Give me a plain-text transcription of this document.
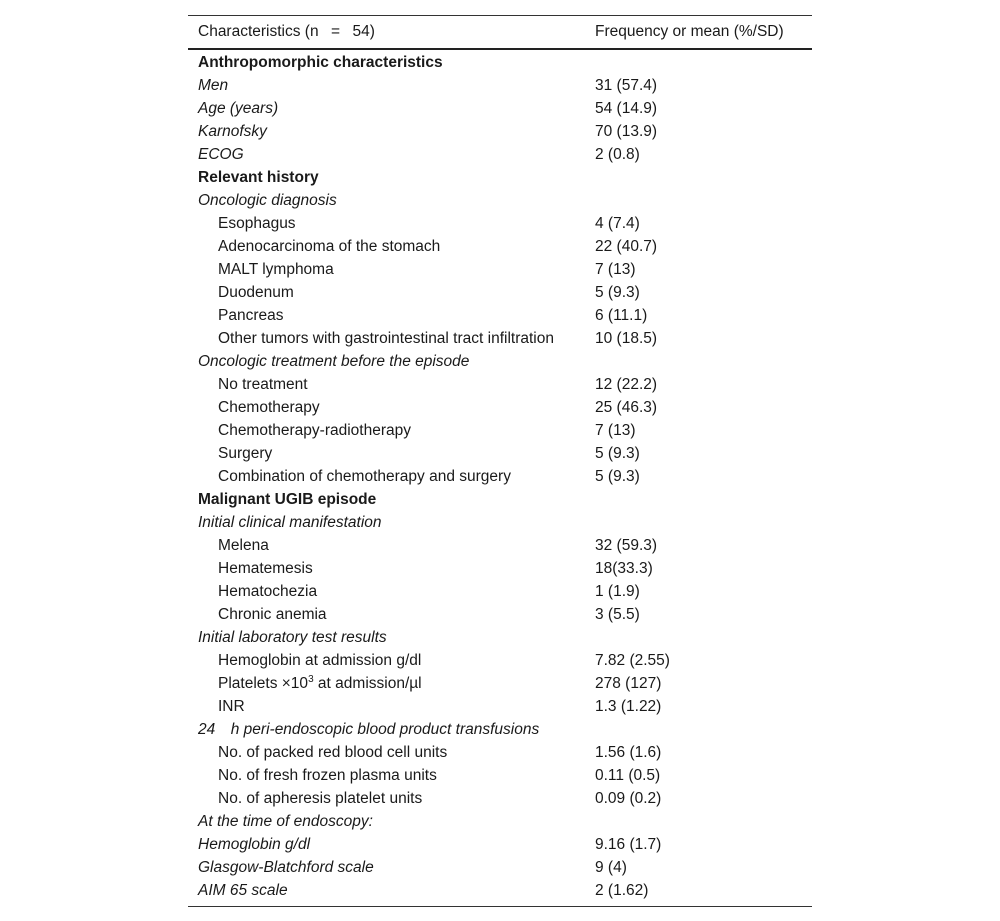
Characteristics (n    =    54)	Frequency or mean (%/SD)
Anthropomorphic characteristics
Men	31 (57.4)
Age (years)	54 (14.9)
Karnofsky	70 (13.9)
ECOG	2 (0.8)
Relevant history
Oncologic diagnosis
Esophagus	4 (7.4)
Adenocarcinoma of the stomach	22 (40.7)
MALT lymphoma	7 (13)
Duodenum	5 (9.3)
Pancreas	6 (11.1)
Other tumors with gastrointestinal tract infiltration	10 (18.5)
Oncologic treatment before the episode
No treatment	12 (22.2)
Chemotherapy	25 (46.3)
Chemotherapy-radiotherapy	7 (13)
Surgery	5 (9.3)
Combination of chemotherapy and surgery	5 (9.3)
Malignant UGIB episode
Initial clinical manifestation
Melena	32 (59.3)
Hematemesis	18(33.3)
Hematochezia	1 (1.9)
Chronic anemia	3 (5.5)
Initial laboratory test results
Hemoglobin at admission g/dl	7.82 (2.55)
Platelets $\times 10^3$ at admission/µl	278 (127)
INR	1.3 (1.22)
24     h peri-endoscopic blood product transfusions
No. of packed red blood cell units	1.56 (1.6)
No. of fresh frozen plasma units	0.11 (0.5)
No. of apheresis platelet units	0.09 (0.2)
At the time of endoscopy:
Hemoglobin g/dl	9.16 (1.7)
Glasgow-Blatchford scale	9 (4)
AIM 65 scale	2 (1.62)
